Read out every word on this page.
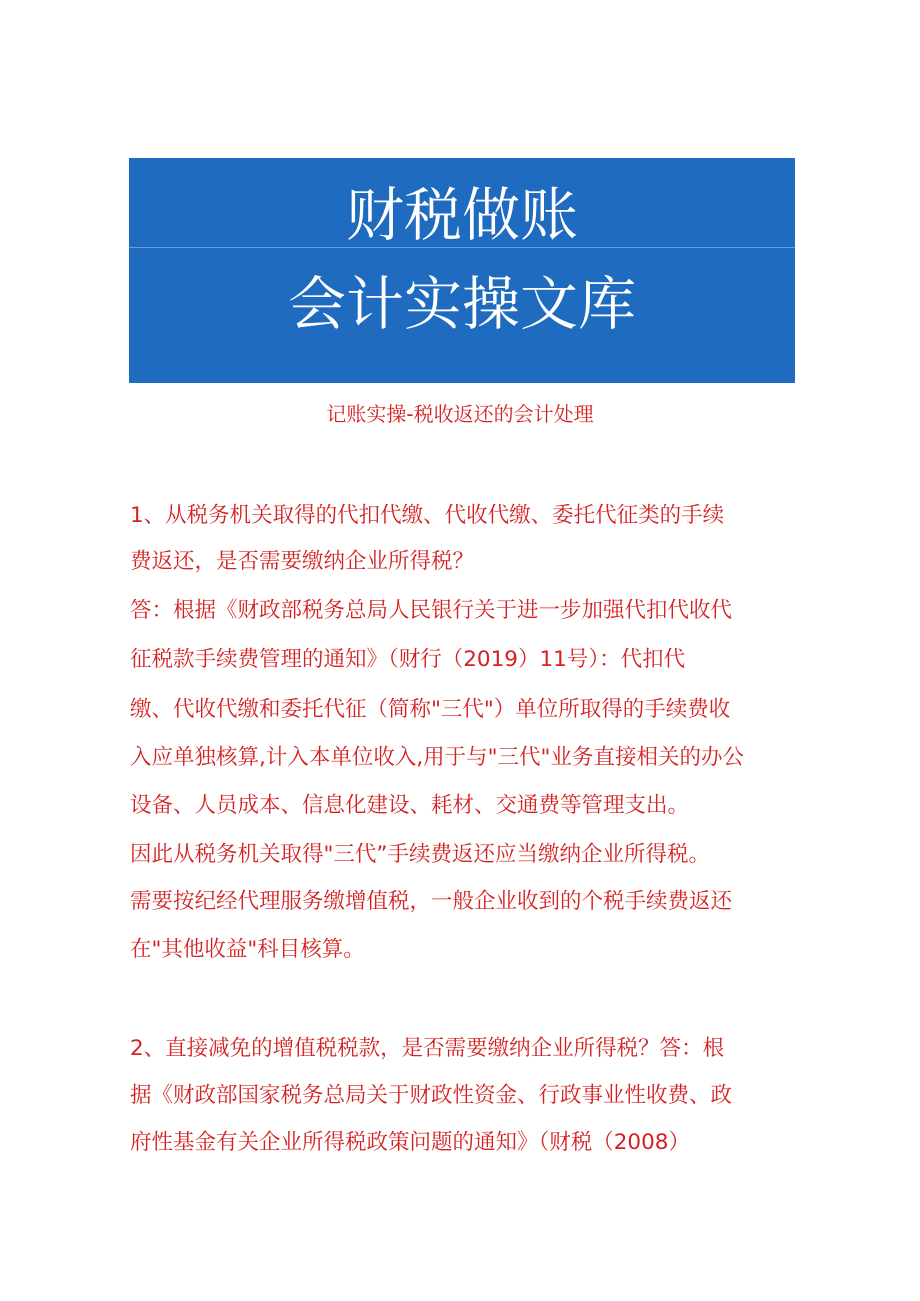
财税做账
会计实操文库
记账实操-税收返还的会计处理
1、从税务机关取得的代扣代缴、代收代缴、委托代征类的手续
费返还，是否需要缴纳企业所得税？
答：根据《财政部税务总局人民银行关于进一步加强代扣代收代
征税款手续费管理的通知》（财行（2019）11号）：代扣代
缴、代收代缴和委托代征（简称"三代"）单位所取得的手续费收
入应单独核算,计入本单位收入,用于与"三代"业务直接相关的办公
设备、人员成本、信息化建设、耗材、交通费等管理支出。
因此从税务机关取得"三代”手续费返还应当缴纳企业所得税。
需要按纪经代理服务缴增值税，一般企业收到的个税手续费返还
在"其他收益"科目核算。
2、直接减免的增值税税款，是否需要缴纳企业所得税？答：根
据《财政部国家税务总局关于财政性资金、行政事业性收费、政
府性基金有关企业所得税政策问题的通知》（财税（2008）
